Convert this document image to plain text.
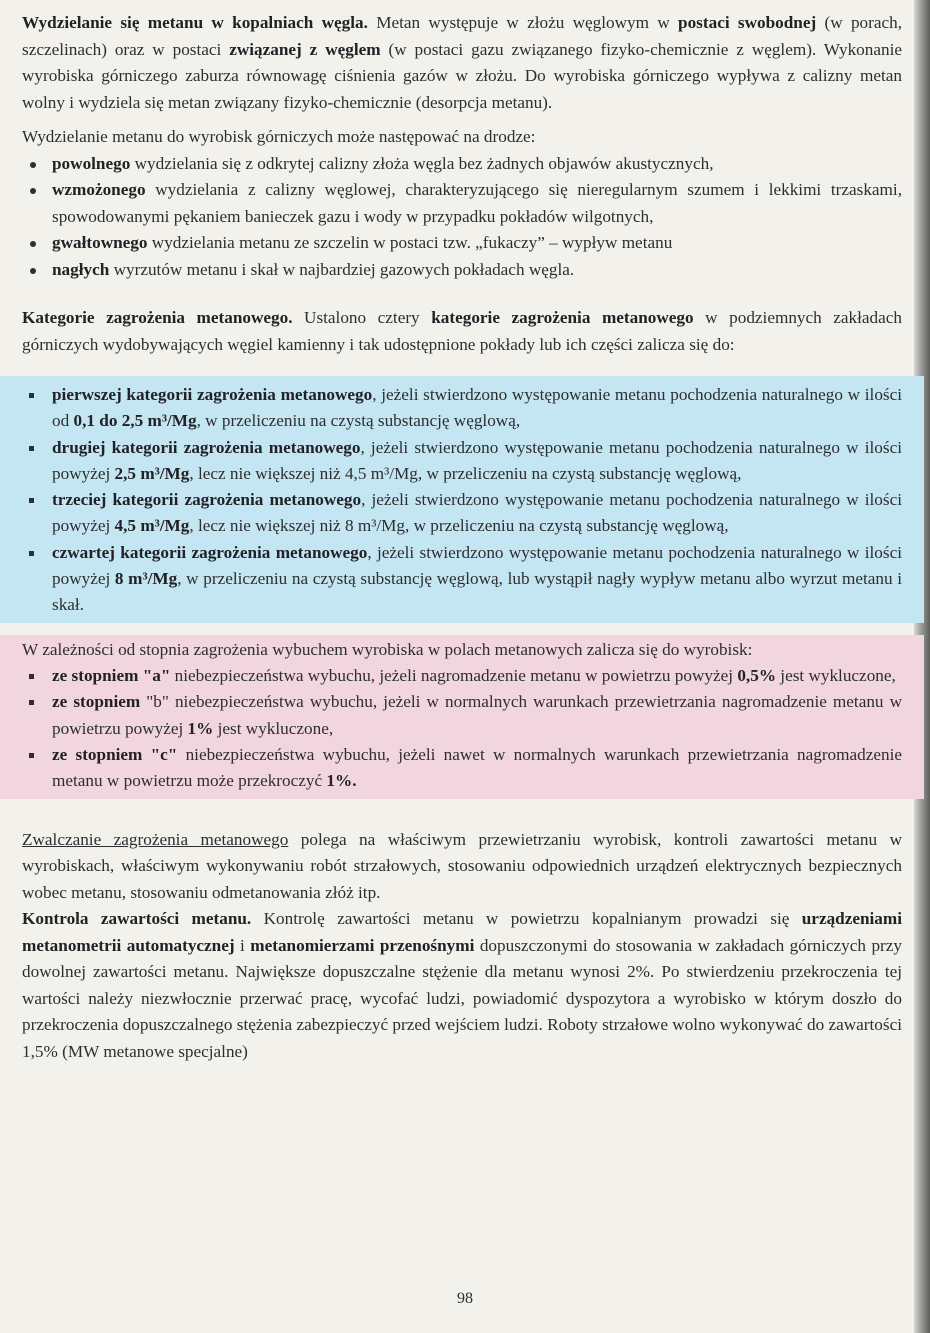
Wydzielanie się metanu w kopalniach węgla. Metan występuje w złożu węglowym w postaci swobodnej (w porach, szczelinach) oraz w postaci związanej z węglem (w postaci gazu związanego fizyko-chemicznie z węglem). Wykonanie wyrobiska górniczego zaburza równowagę ciśnienia gazów w złożu. Do wyrobiska górniczego wypływa z calizny metan wolny i wydziela się metan związany fizyko-chemicznie (desorpcja metanu).

Wydzielanie metanu do wyrobisk górniczych może następować na drodze:

powolnego wydzielania się z odkrytej calizny złoża węgla bez żadnych objawów akustycznych,
wzmożonego wydzielania z calizny węglowej, charakteryzującego się nieregularnym szumem i lekkimi trzaskami, spowodowanymi pękaniem banieczek gazu i wody w przypadku pokładów wilgotnych,
gwałtownego wydzielania metanu ze szczelin w postaci tzw. „fukaczy” – wypływ metanu
nagłych wyrzutów metanu i skał w najbardziej gazowych pokładach węgla.

Kategorie zagrożenia metanowego. Ustalono cztery kategorie zagrożenia metanowego w podziemnych zakładach górniczych wydobywających węgiel kamienny i tak udostępnione pokłady lub ich części zalicza się do:

pierwszej kategorii zagrożenia metanowego, jeżeli stwierdzono występowanie metanu pochodzenia naturalnego w ilości od 0,1 do 2,5 m³/Mg, w przeliczeniu na czystą substancję węglową,
drugiej kategorii zagrożenia metanowego, jeżeli stwierdzono występowanie metanu pochodzenia naturalnego w ilości powyżej 2,5 m³/Mg, lecz nie większej niż 4,5 m³/Mg, w przeliczeniu na czystą substancję węglową,
trzeciej kategorii zagrożenia metanowego, jeżeli stwierdzono występowanie metanu pochodzenia naturalnego w ilości powyżej 4,5 m³/Mg, lecz nie większej niż 8 m³/Mg, w przeliczeniu na czystą substancję węglową,
czwartej kategorii zagrożenia metanowego, jeżeli stwierdzono występowanie metanu pochodzenia naturalnego w ilości powyżej 8 m³/Mg, w przeliczeniu na czystą substancję węglową, lub wystąpił nagły wypływ metanu albo wyrzut metanu i skał.

W zależności od stopnia zagrożenia wybuchem wyrobiska w polach metanowych zalicza się do wyrobisk:

ze stopniem "a" niebezpieczeństwa wybuchu, jeżeli nagromadzenie metanu w powietrzu powyżej 0,5% jest wykluczone,
ze stopniem "b" niebezpieczeństwa wybuchu, jeżeli w normalnych warunkach przewietrzania nagromadzenie metanu w powietrzu powyżej 1% jest wykluczone,
ze stopniem "c" niebezpieczeństwa wybuchu, jeżeli nawet w normalnych warunkach przewietrzania nagromadzenie metanu w powietrzu może przekroczyć 1%.

Zwalczanie zagrożenia metanowego polega na właściwym przewietrzaniu wyrobisk, kontroli zawartości metanu w wyrobiskach, właściwym wykonywaniu robót strzałowych, stosowaniu odpowiednich urządzeń elektrycznych bezpiecznych wobec metanu, stosowaniu odmetanowania złóż itp.

Kontrola zawartości metanu. Kontrolę zawartości metanu w powietrzu kopalnianym prowadzi się urządzeniami metanometrii automatycznej i metanomierzami przenośnymi dopuszczonymi do stosowania w zakładach górniczych przy dowolnej zawartości metanu. Największe dopuszczalne stężenie dla metanu wynosi 2%. Po stwierdzeniu przekroczenia tej wartości należy niezwłocznie przerwać pracę, wycofać ludzi, powiadomić dyspozytora a wyrobisko w którym doszło do przekroczenia dopuszczalnego stężenia zabezpieczyć przed wejściem ludzi. Roboty strzałowe wolno wykonywać do zawartości 1,5% (MW metanowe specjalne)

98
